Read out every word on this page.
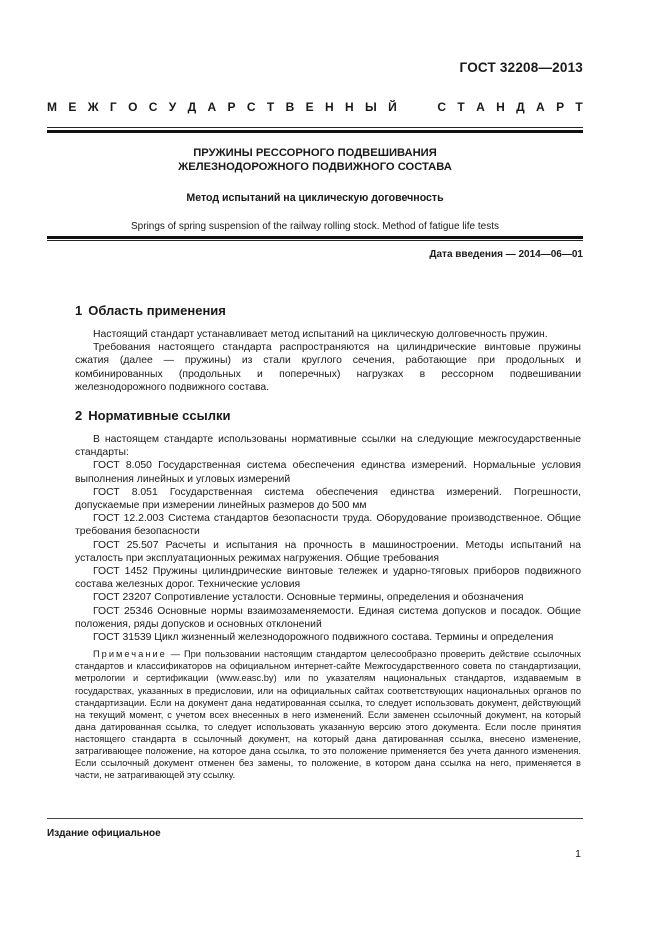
ГОСТ 32208—2013
М Е Ж Г О С У Д А Р С Т В Е Н Н Ы Й

	С Т А Н Д А Р Т

ПРУЖИНЫ РЕССОРНОГО ПОДВЕШИВАНИЯ

ЖЕЛЕЗНОДОРОЖНОГО ПОДВИЖНОГО СОСТАВА

Метод испытаний на циклическую договечность

Springs of spring suspension of the railway rolling stock. Method of fatigue life tests

Дата введения — 2014—06—01
1 Область применения

Настоящий стандарт устанавливает метод испытаний на циклическую долговечность пружин.

Требования настоящего стандарта распространяются на цилиндрические винтовые пружины сжатия (далее — пружины) из стали круглого сечения, работающие при продольных и комбинированных (продольных и поперечных) нагрузках в рессорном подвешивании железнодорожного подвижного состава.

2 Нормативные ссылки

В настоящем стандарте использованы нормативные ссылки на следующие межгосударственные стандарты:

ГОСТ 8.050 Государственная система обеспечения единства измерений. Нормальные условия выполнения линейных и угловых измерений

ГОСТ 8.051 Государственная система обеспечения единства измерений. Погрешности, допускаемые при измерении линейных размеров до 500 мм

ГОСТ 12.2.003 Система стандартов безопасности труда. Оборудование производственное. Общие требования безопасности

ГОСТ 25.507 Расчеты и испытания на прочность в машиностроении. Методы испытаний на усталость при эксплуатационных режимах нагружения. Общие требования

ГОСТ 1452 Пружины цилиндрические винтовые тележек и ударно-тяговых приборов подвижного состава железных дорог. Технические условия

ГОСТ 23207 Сопротивление усталости. Основные термины, определения и обозначения

ГОСТ 25346 Основные нормы взаимозаменяемости. Единая система допусков и посадок. Общие положения, ряды допусков и основных отклонений

ГОСТ 31539 Цикл жизненный железнодорожного подвижного состава. Термины и определения

Примечание — При пользовании настоящим стандартом целесообразно проверить действие ссылочных стандартов и классификаторов на официальном интернет-сайте Межгосударственного совета по стандартизации, метрологии и сертификации (www.easc.by) или по указателям национальных стандартов, издаваемым в государствах, указанных в предисловии, или на официальных сайтах соответствующих национальных органов по стандартизации. Если на документ дана недатированная ссылка, то следует использовать документ, действующий на текущий момент, с учетом всех внесенных в него изменений. Если заменен ссылочный документ, на который дана датированная ссылка, то следует использовать указанную версию этого документа. Если после принятия настоящего стандарта в ссылочный документ, на который дана датированная ссылка, внесено изменение, затрагивающее положение, на которое дана ссылка, то это положение применяется без учета данного изменения. Если ссылочный документ отменен без замены, то положение, в котором дана ссылка на него, применяется в части, не затрагивающей эту ссылку.

Издание официальное
1
